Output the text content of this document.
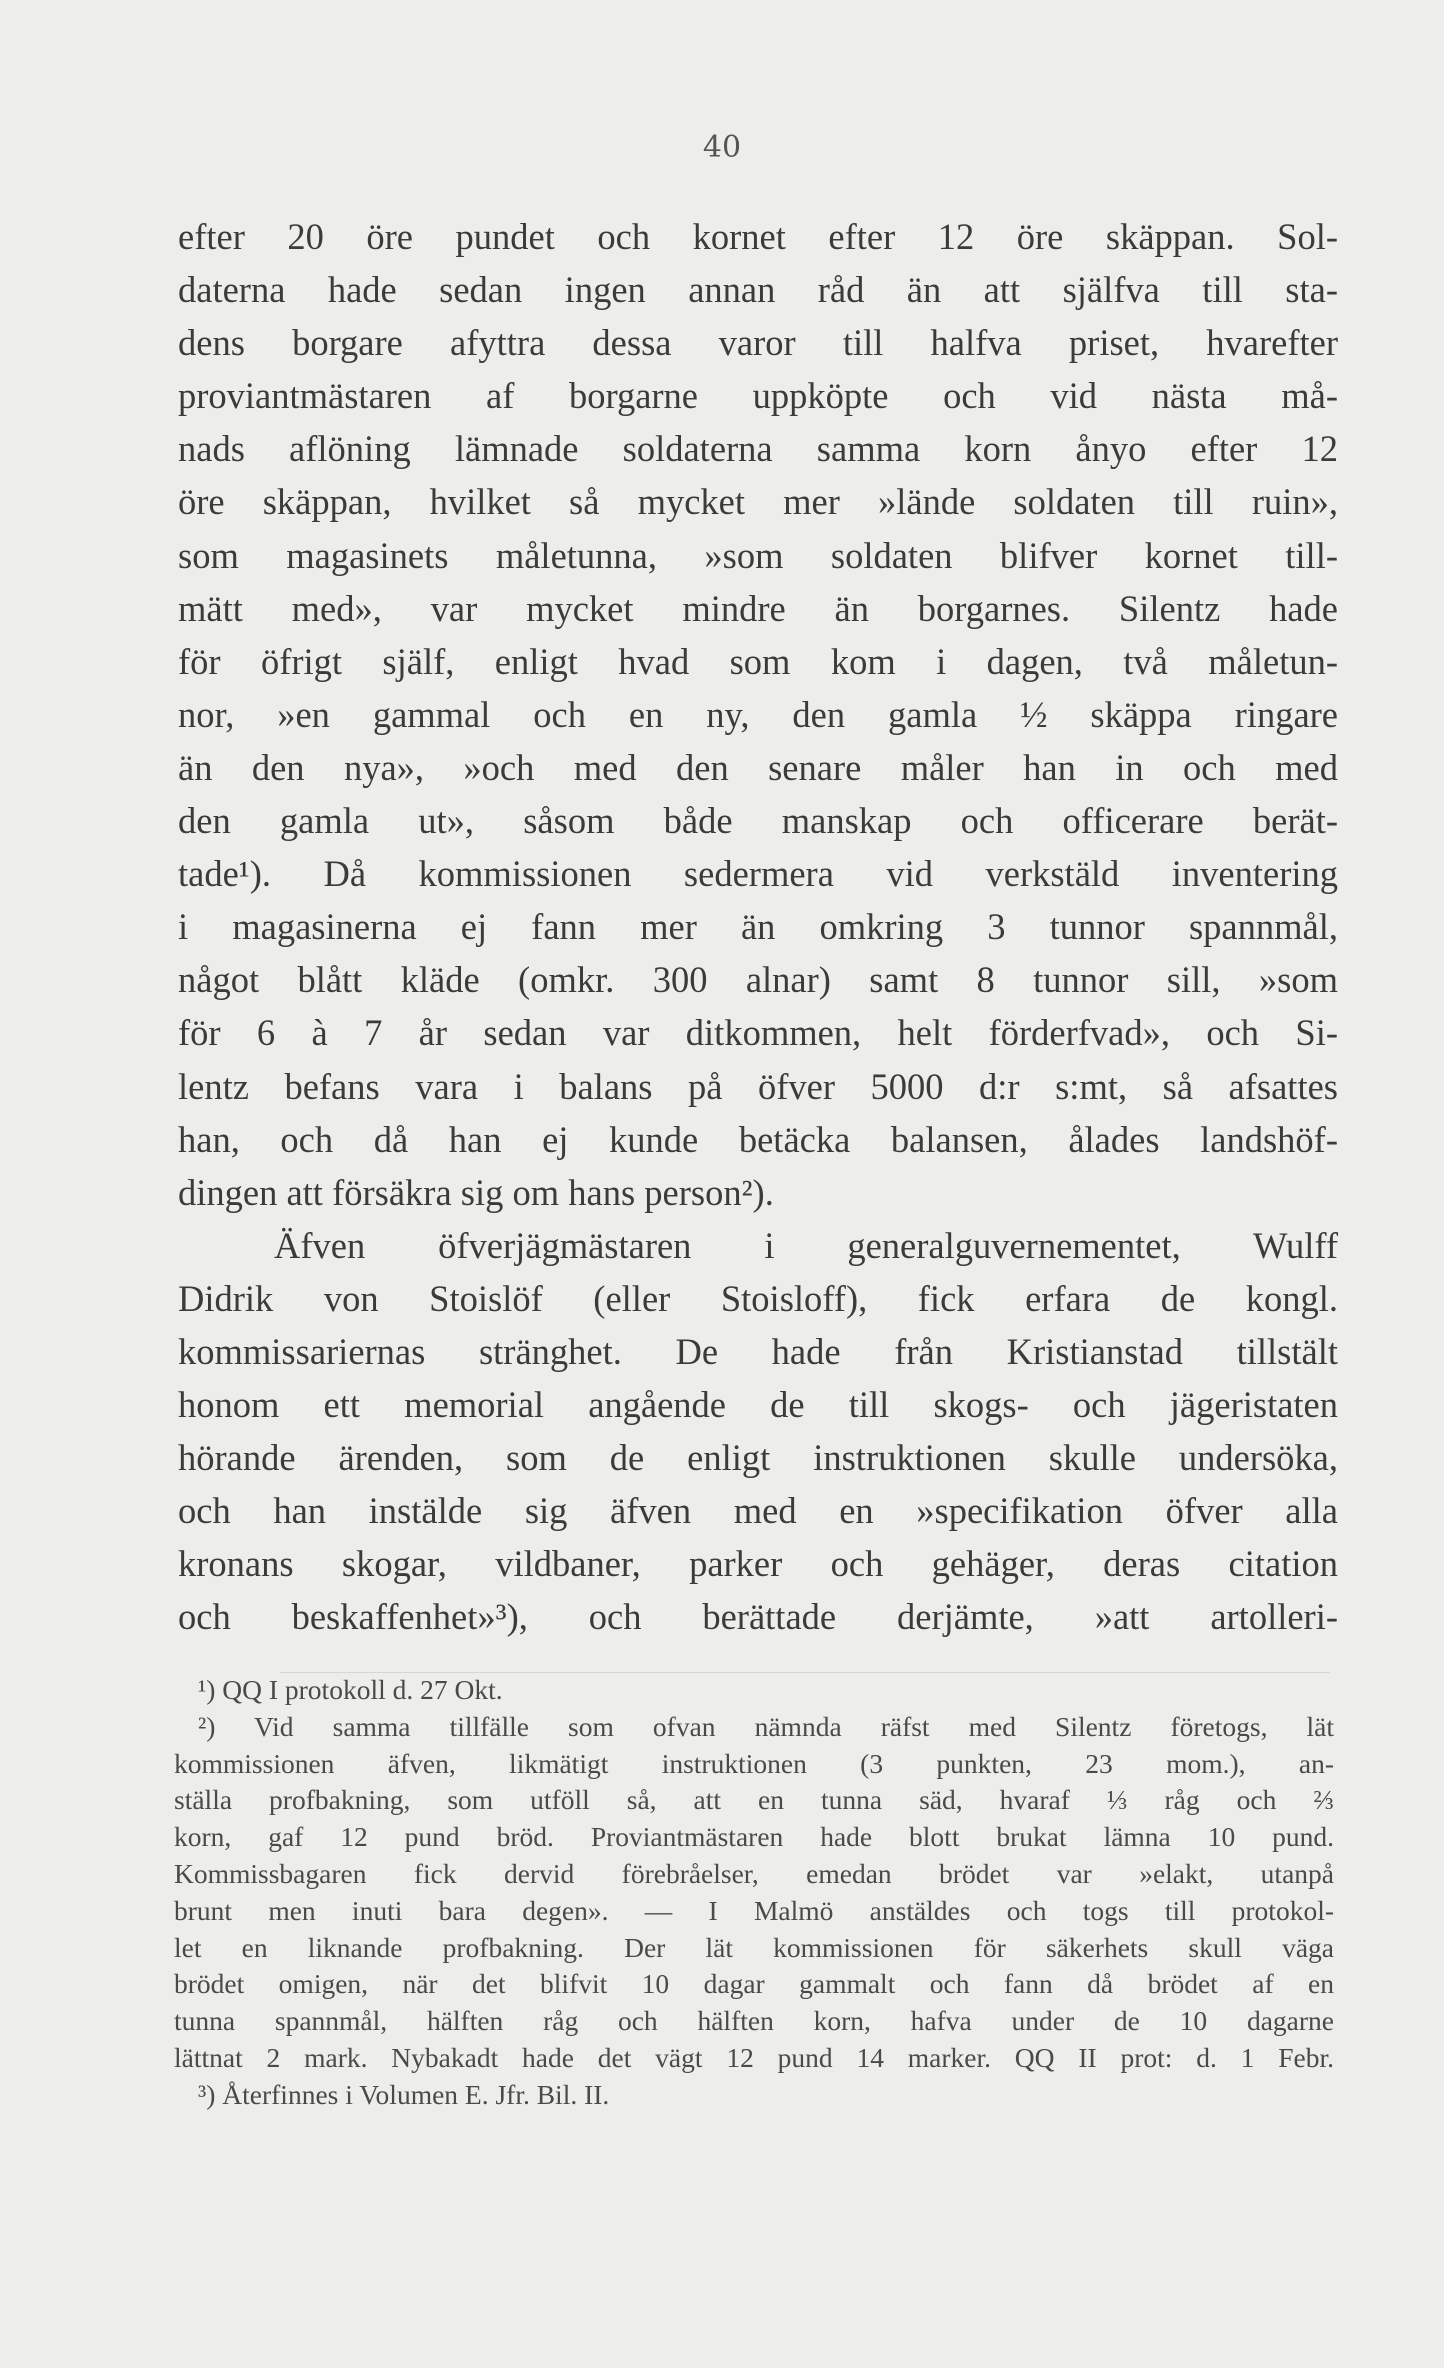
40
efter 20 öre pundet och kornet efter 12 öre skäppan. Sol-
daterna hade sedan ingen annan råd än att själfva till sta-
dens borgare afyttra dessa varor till halfva priset, hvarefter
proviantmästaren af borgarne uppköpte och vid nästa må-
nads aflöning lämnade soldaterna samma korn ånyo efter 12
öre skäppan, hvilket så mycket mer »lände soldaten till ruin»,
som magasinets måletunna, »som soldaten blifver kornet till-
mätt med», var mycket mindre än borgarnes. Silentz hade
för öfrigt själf, enligt hvad som kom i dagen, två måletun-
nor, »en gammal och en ny, den gamla ½ skäppa ringare
än den nya», »och med den senare måler han in och med
den gamla ut», såsom både manskap och officerare berät-
tade¹). Då kommissionen sedermera vid verkstäld inventering
i magasinerna ej fann mer än omkring 3 tunnor spannmål,
något blått kläde (omkr. 300 alnar) samt 8 tunnor sill, »som
för 6 à 7 år sedan var ditkommen, helt förderfvad», och Si-
lentz befans vara i balans på öfver 5000 d:r s:mt, så afsattes
han, och då han ej kunde betäcka balansen, ålades landshöf-
dingen att försäkra sig om hans person²).
Äfven öfverjägmästaren i generalguvernementet, Wulff
Didrik von Stoislöf (eller Stoisloff), fick erfara de kongl.
kommissariernas stränghet. De hade från Kristianstad tillstält
honom ett memorial angående de till skogs- och jägeristaten
hörande ärenden, som de enligt instruktionen skulle undersöka,
och han instälde sig äfven med en »specifikation öfver alla
kronans skogar, vildbaner, parker och gehäger, deras citation
och beskaffenhet»³), och berättade derjämte, »att artolleri-
¹) QQ I protokoll d. 27 Okt.
²) Vid samma tillfälle som ofvan nämnda räfst med Silentz företogs, lät
kommissionen äfven, likmätigt instruktionen (3 punkten, 23 mom.), an-
ställa profbakning, som utföll så, att en tunna säd, hvaraf ⅓ råg och ⅔
korn, gaf 12 pund bröd. Proviantmästaren hade blott brukat lämna 10 pund.
Kommissbagaren fick dervid förebråelser, emedan brödet var »elakt, utanpå
brunt men inuti bara degen». — I Malmö anstäldes och togs till protokol-
let en liknande profbakning. Der lät kommissionen för säkerhets skull väga
brödet omigen, när det blifvit 10 dagar gammalt och fann då brödet af en
tunna spannmål, hälften råg och hälften korn, hafva under de 10 dagarne
lättnat 2 mark. Nybakadt hade det vägt 12 pund 14 marker. QQ II prot: d. 1 Febr.
³) Återfinnes i Volumen E. Jfr. Bil. II.
